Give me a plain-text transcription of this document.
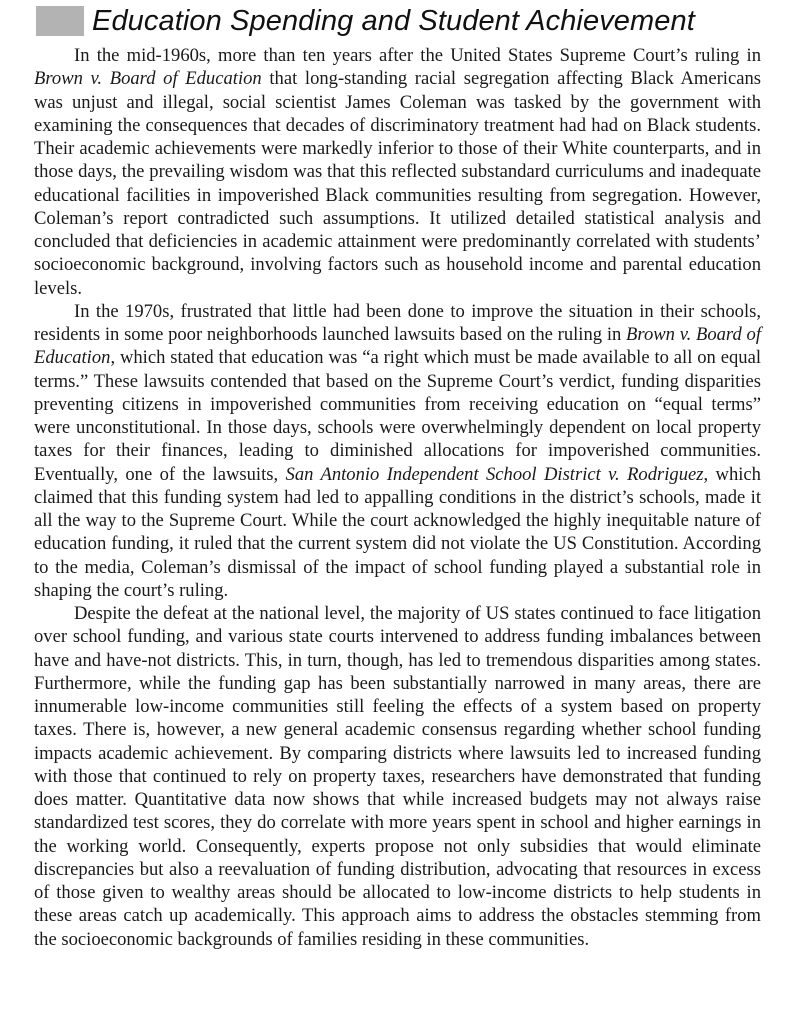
Education Spending and Student Achievement

In the mid-1960s, more than ten years after the United States Supreme Court’s ruling in Brown v. Board of Education that long-standing racial segregation affecting Black Americans was unjust and illegal, social scientist James Coleman was tasked by the government with examining the consequences that decades of discriminatory treatment had had on Black students. Their academic achievements were markedly inferior to those of their White counterparts, and in those days, the prevailing wisdom was that this reflected substandard curriculums and inadequate educational facilities in impoverished Black communities resulting from segregation. However, Coleman’s report contradicted such assumptions. It utilized detailed statistical analysis and concluded that deficiencies in academic attainment were predominantly correlated with students’ socioeconomic background, involving factors such as household income and parental education levels.

In the 1970s, frustrated that little had been done to improve the situation in their schools, residents in some poor neighborhoods launched lawsuits based on the ruling in Brown v. Board of Education, which stated that education was “a right which must be made available to all on equal terms.” These lawsuits contended that based on the Supreme Court’s verdict, funding disparities preventing citizens in impoverished communities from receiving education on “equal terms” were unconstitutional. In those days, schools were overwhelmingly dependent on local property taxes for their finances, leading to diminished allocations for impoverished communities. Eventually, one of the lawsuits, San Antonio Independent School District v. Rodriguez, which claimed that this funding system had led to appalling conditions in the district’s schools, made it all the way to the Supreme Court. While the court acknowledged the highly inequitable nature of education funding, it ruled that the current system did not violate the US Constitution. According to the media, Coleman’s dismissal of the impact of school funding played a substantial role in shaping the court’s ruling.

Despite the defeat at the national level, the majority of US states continued to face litigation over school funding, and various state courts intervened to address funding imbalances between have and have-not districts. This, in turn, though, has led to tremendous disparities among states. Furthermore, while the funding gap has been substantially narrowed in many areas, there are innumerable low-income communities still feeling the effects of a system based on property taxes. There is, however, a new general academic consensus regarding whether school funding impacts academic achievement. By comparing districts where lawsuits led to increased funding with those that continued to rely on property taxes, researchers have demonstrated that funding does matter. Quantitative data now shows that while increased budgets may not always raise standardized test scores, they do correlate with more years spent in school and higher earnings in the working world. Consequently, experts propose not only subsidies that would eliminate discrepancies but also a reevaluation of funding distribution, advocating that resources in excess of those given to wealthy areas should be allocated to low-income districts to help students in these areas catch up academically. This approach aims to address the obstacles stemming from the socioeconomic backgrounds of families residing in these communities.
